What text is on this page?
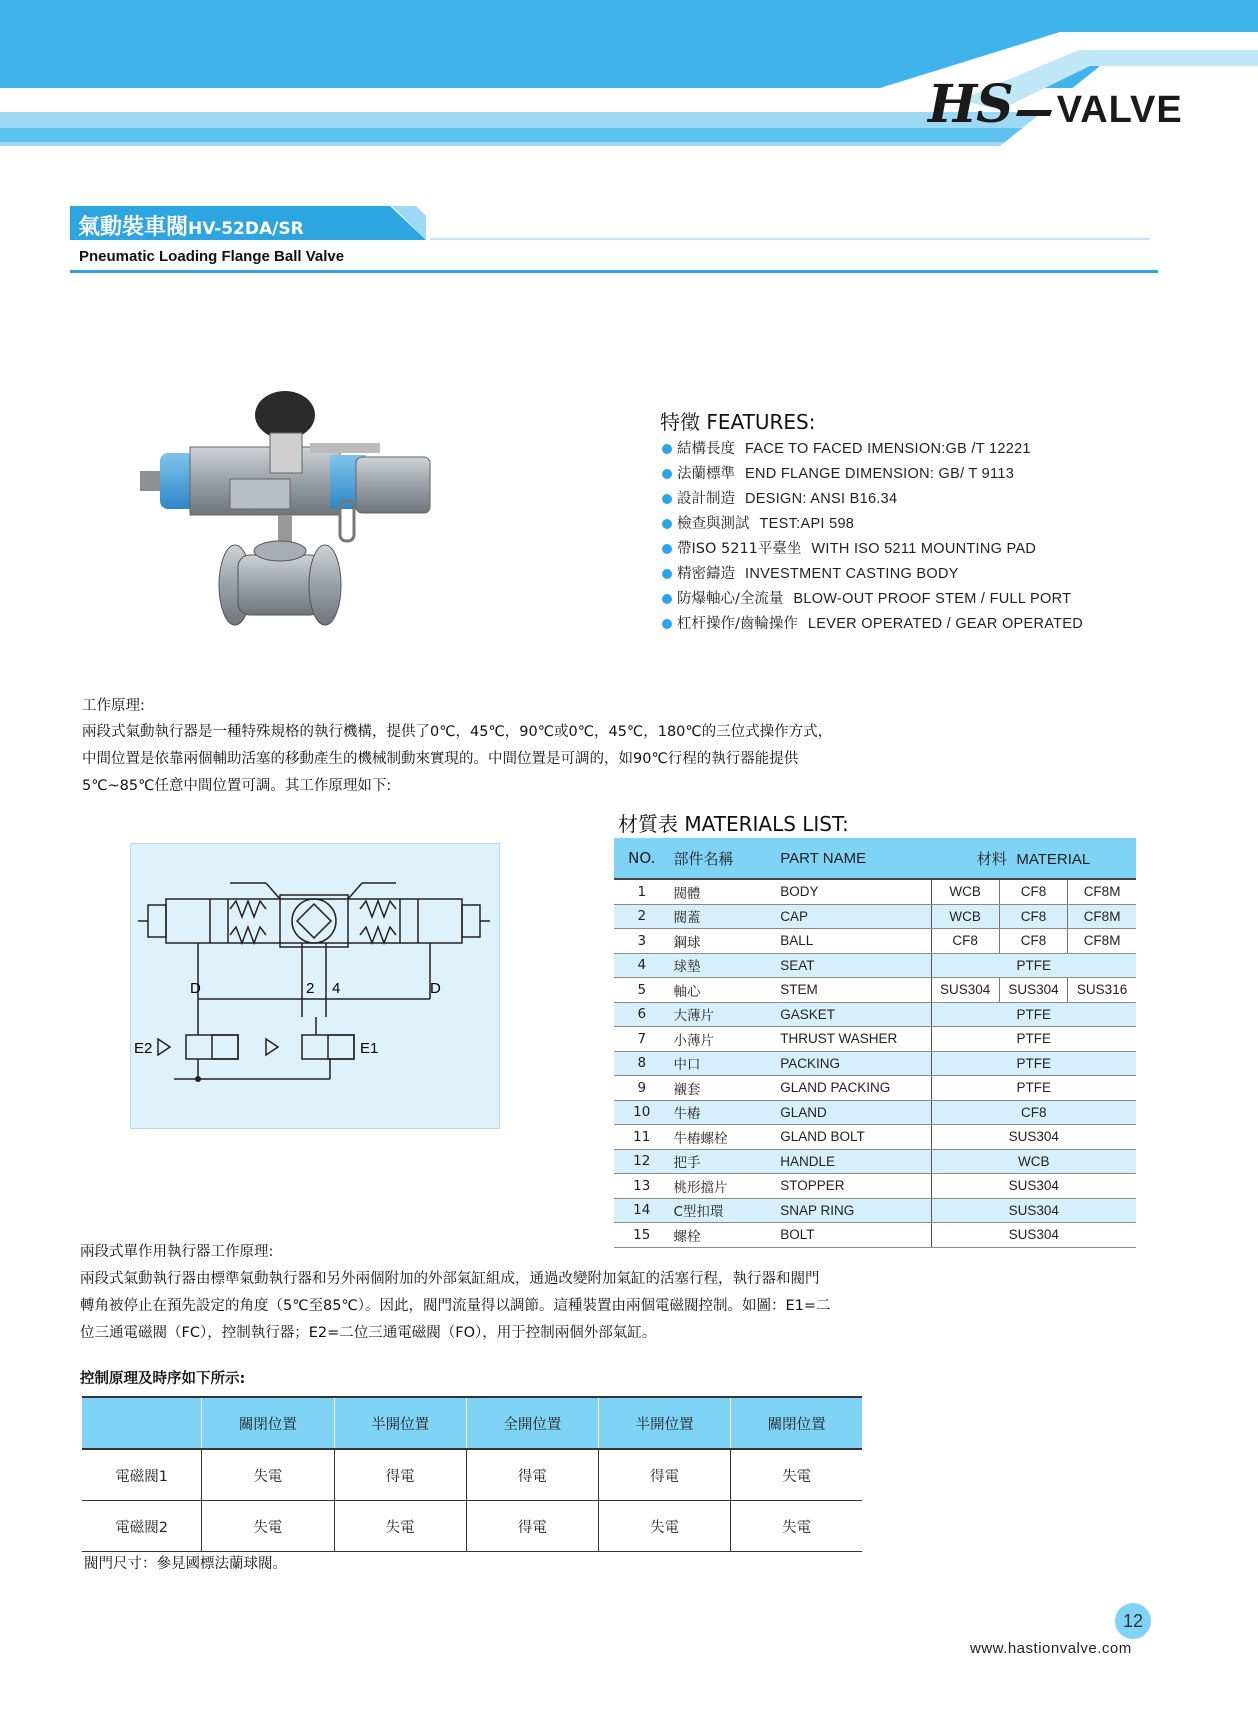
HS VALVE
氣動裝車閥HV-52DA/SR
Pneumatic Loading Flange Ball Valve
特徵 FEATURES:
結構長度 FACE TO FACED IMENSION:GB /T 12221
法蘭標準 END FLANGE DIMENSION: GB/ T 9113
設計制造 DESIGN: ANSI B16.34
檢查與測試 TEST:API 598
帶ISO 5211平臺坐 WITH ISO 5211 MOUNTING PAD
精密鑄造 INVESTMENT CASTING BODY
防爆軸心/全流量 BLOW-OUT PROOF STEM / FULL PORT
杠杆操作/齒輪操作 LEVER OPERATED / GEAR OPERATED
工作原理:
兩段式氣動執行器是一種特殊規格的執行機構，提供了0℃，45℃，90℃或0℃，45℃，180℃的三位式操作方式，
中間位置是依靠兩個輔助活塞的移動產生的機械制動來實現的。中間位置是可調的，如90℃行程的執行器能提供
5℃~85℃任意中間位置可調。其工作原理如下:
D	D
2 4
E2	E1
材質表 MATERIALS LIST:
NO.	部件名稱	PART NAME	材料 MATERIAL		
1	閥體	BODY	WCB	CF8	CF8M
2	閥蓋	CAP	WCB	CF8	CF8M
3	鋼球	BALL	CF8	CF8	CF8M
4	球墊	SEAT	PTFE		
5	軸心	STEM	SUS304	SUS304	SUS316
6	大薄片	GASKET	PTFE		
7	小薄片	THRUST WASHER	PTFE		
8	中口	PACKING	PTFE		
9	襯套	GLAND PACKING	PTFE		
10	牛樁	GLAND	CF8		
11	牛樁螺栓	GLAND BOLT	SUS304		
12	把手	HANDLE	WCB		
13	桃形擋片	STOPPER	SUS304		
14	C型扣環	SNAP RING	SUS304		
15	螺栓	BOLT	SUS304		
兩段式單作用執行器工作原理:
兩段式氣動執行器由標準氣動執行器和另外兩個附加的外部氣缸組成，通過改變附加氣缸的活塞行程，執行器和閥門
轉角被停止在預先設定的角度（5℃至85℃）。因此，閥門流量得以調節。這種裝置由兩個電磁閥控制。如圖：E1=二
位三通電磁閥（FC），控制執行器；E2=二位三通電磁閥（FO），用于控制兩個外部氣缸。
控制原理及時序如下所示:
	關閉位置	半開位置	全開位置	半開位置	關閉位置
電磁閥1	失電	得電	得電	得電	失電
電磁閥2	失電	失電	得電	失電	失電
閥門尺寸：參見國標法蘭球閥。
12
www.hastionvalve.com
